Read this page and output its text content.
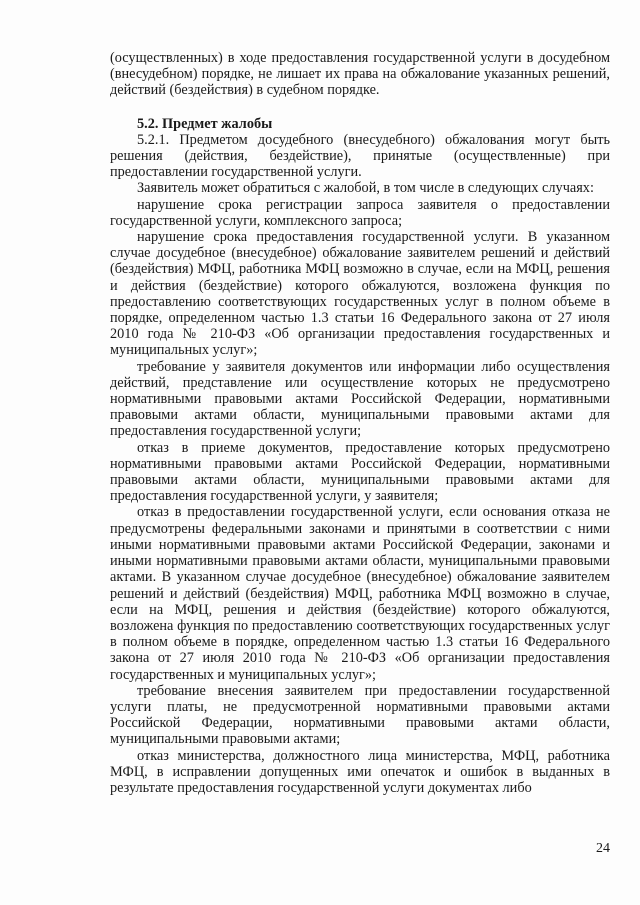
(осуществленных) в ходе предоставления государственной услуги в досудебном (внесудебном) порядке, не лишает их права на обжалование указанных решений, действий (бездействия) в судебном порядке.

5.2. Предмет жалобы

5.2.1. Предметом досудебного (внесудебного) обжалования могут быть решения (действия, бездействие), принятые (осуществленные) при предоставлении государственной услуги.

Заявитель может обратиться с жалобой, в том числе в следующих случаях:

нарушение срока регистрации запроса заявителя о предоставлении государственной услуги, комплексного запроса;

нарушение срока предоставления государственной услуги. В указанном случае досудебное (внесудебное) обжалование заявителем решений и действий (бездействия) МФЦ, работника МФЦ возможно в случае, если на МФЦ, решения и действия (бездействие) которого обжалуются, возложена функция по предоставлению соответствующих государственных услуг в полном объеме в порядке, определенном частью 1.3 статьи 16 Федерального закона от 27 июля 2010 года № 210-ФЗ «Об организации предоставления государственных и муниципальных услуг»;

требование у заявителя документов или информации либо осуществления действий, представление или осуществление которых не предусмотрено нормативными правовыми актами Российской Федерации, нормативными правовыми актами области, муниципальными правовыми актами для предоставления государственной услуги;

отказ в приеме документов, предоставление которых предусмотрено нормативными правовыми актами Российской Федерации, нормативными правовыми актами области, муниципальными правовыми актами для предоставления государственной услуги, у заявителя;

отказ в предоставлении государственной услуги, если основания отказа не предусмотрены федеральными законами и принятыми в соответствии с ними иными нормативными правовыми актами Российской Федерации, законами и иными нормативными правовыми актами области, муниципальными правовыми актами. В указанном случае досудебное (внесудебное) обжалование заявителем решений и действий (бездействия) МФЦ, работника МФЦ возможно в случае, если на МФЦ, решения и действия (бездействие) которого обжалуются, возложена функция по предоставлению соответствующих государственных услуг в полном объеме в порядке, определенном частью 1.3 статьи 16 Федерального закона от 27 июля 2010 года № 210-ФЗ «Об организации предоставления государственных и муниципальных услуг»;

требование внесения заявителем при предоставлении государственной услуги платы, не предусмотренной нормативными правовыми актами Российской Федерации, нормативными правовыми актами области, муниципальными правовыми актами;

отказ министерства, должностного лица министерства, МФЦ, работника МФЦ, в исправлении допущенных ими опечаток и ошибок в выданных в результате предоставления государственной услуги документах либо

24
